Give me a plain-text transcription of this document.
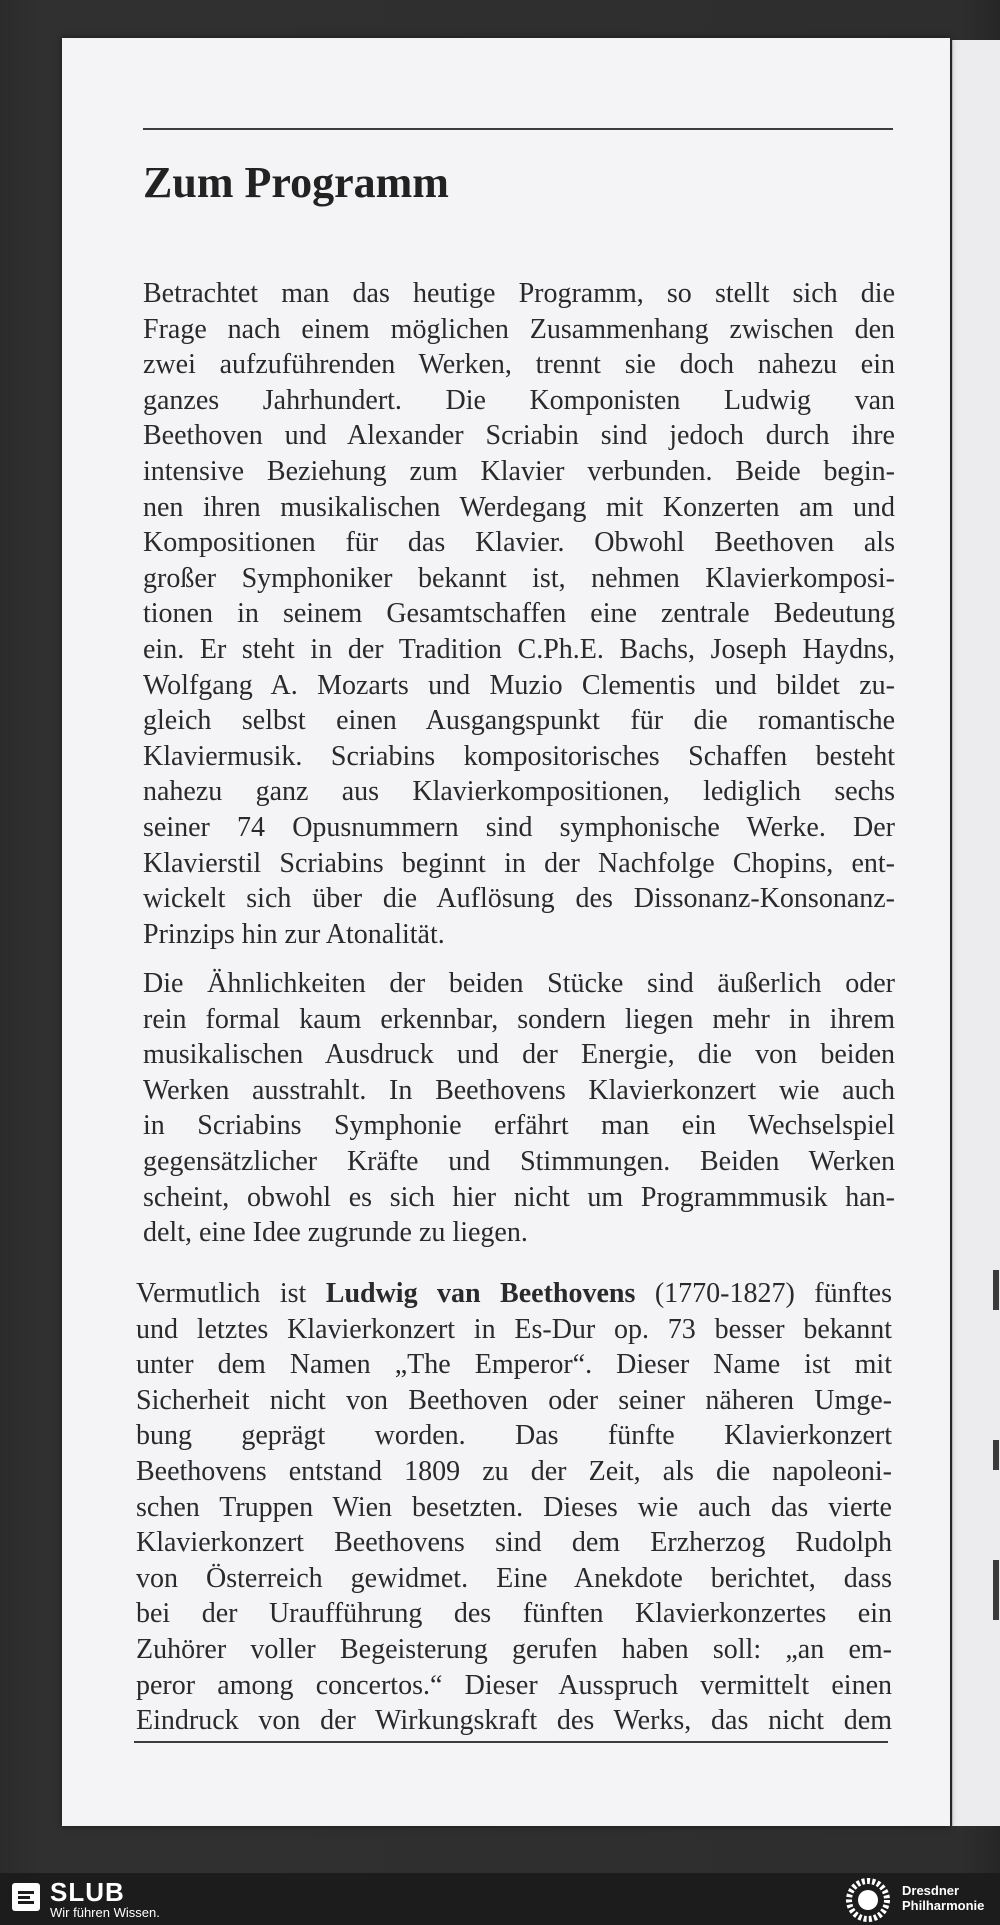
Zum Programm
Betrachtet man das heutige Programm, so stellt sich die
Frage nach einem möglichen Zusammenhang zwischen den
zwei aufzuführenden Werken, trennt sie doch nahezu ein
ganzes Jahrhundert. Die Komponisten Ludwig van
Beethoven und Alexander Scriabin sind jedoch durch ihre
intensive Beziehung zum Klavier verbunden. Beide begin-
nen ihren musikalischen Werdegang mit Konzerten am und
Kompositionen für das Klavier. Obwohl Beethoven als
großer Symphoniker bekannt ist, nehmen Klavierkomposi-
tionen in seinem Gesamtschaffen eine zentrale Bedeutung
ein. Er steht in der Tradition C.Ph.E. Bachs, Joseph Haydns,
Wolfgang A. Mozarts und Muzio Clementis und bildet zu-
gleich selbst einen Ausgangspunkt für die romantische
Klaviermusik. Scriabins kompositorisches Schaffen besteht
nahezu ganz aus Klavierkompositionen, lediglich sechs
seiner 74 Opusnummern sind symphonische Werke. Der
Klavierstil Scriabins beginnt in der Nachfolge Chopins, ent-
wickelt sich über die Auflösung des Dissonanz-Konsonanz-
Prinzips hin zur Atonalität.
Die Ähnlichkeiten der beiden Stücke sind äußerlich oder
rein formal kaum erkennbar, sondern liegen mehr in ihrem
musikalischen Ausdruck und der Energie, die von beiden
Werken ausstrahlt. In Beethovens Klavierkonzert wie auch
in Scriabins Symphonie erfährt man ein Wechselspiel
gegensätzlicher Kräfte und Stimmungen. Beiden Werken
scheint, obwohl es sich hier nicht um Programmmusik han-
delt, eine Idee zugrunde zu liegen.
Vermutlich ist Ludwig van Beethovens (1770-1827) fünftes
und letztes Klavierkonzert in Es-Dur op. 73 besser bekannt
unter dem Namen „The Emperor“. Dieser Name ist mit
Sicherheit nicht von Beethoven oder seiner näheren Umge-
bung geprägt worden. Das fünfte Klavierkonzert
Beethovens entstand 1809 zu der Zeit, als die napoleoni-
schen Truppen Wien besetzten. Dieses wie auch das vierte
Klavierkonzert Beethovens sind dem Erzherzog Rudolph
von Österreich gewidmet. Eine Anekdote berichtet, dass
bei der Uraufführung des fünften Klavierkonzertes ein
Zuhörer voller Begeisterung gerufen haben soll: „an em-
peror among concertos.“ Dieser Ausspruch vermittelt einen
Eindruck von der Wirkungskraft des Werks, das nicht dem
SLUB
Wir führen Wissen.
Dresdner
Philharmonie
